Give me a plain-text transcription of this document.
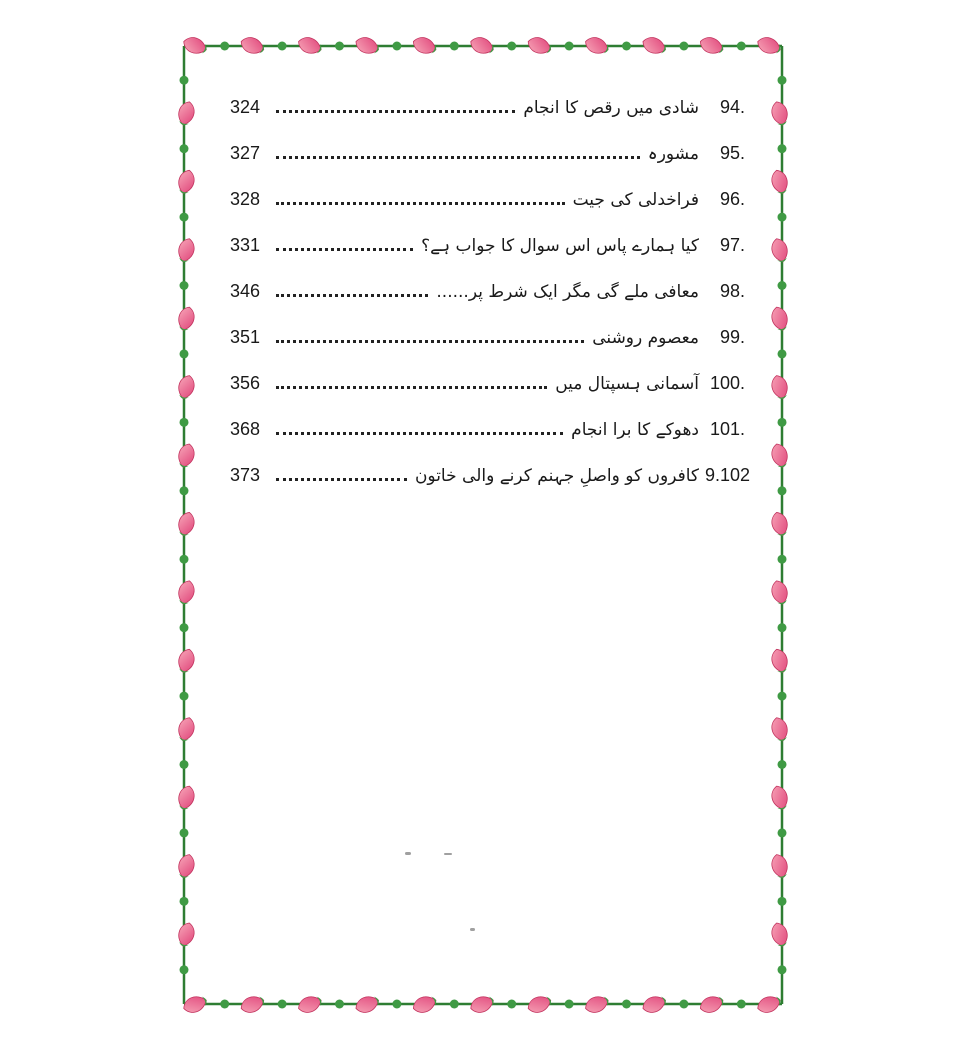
324	شادی میں رقص کا انجام	94.
327	مشورہ	95.
328	فراخدلی کی جیت	96.
331	کیا ہمارے پاس اس سوال کا جواب ہے؟	97.
346	معافی ملے گی مگر ایک شرط پر......	98.
351	معصوم روشنی	99.
356	آسمانی ہسپتال میں 100.
368	دھوکے کا برا انجام 101.
373	کافروں کو واصلِ جہنم کرنے والی خاتون 9.102
